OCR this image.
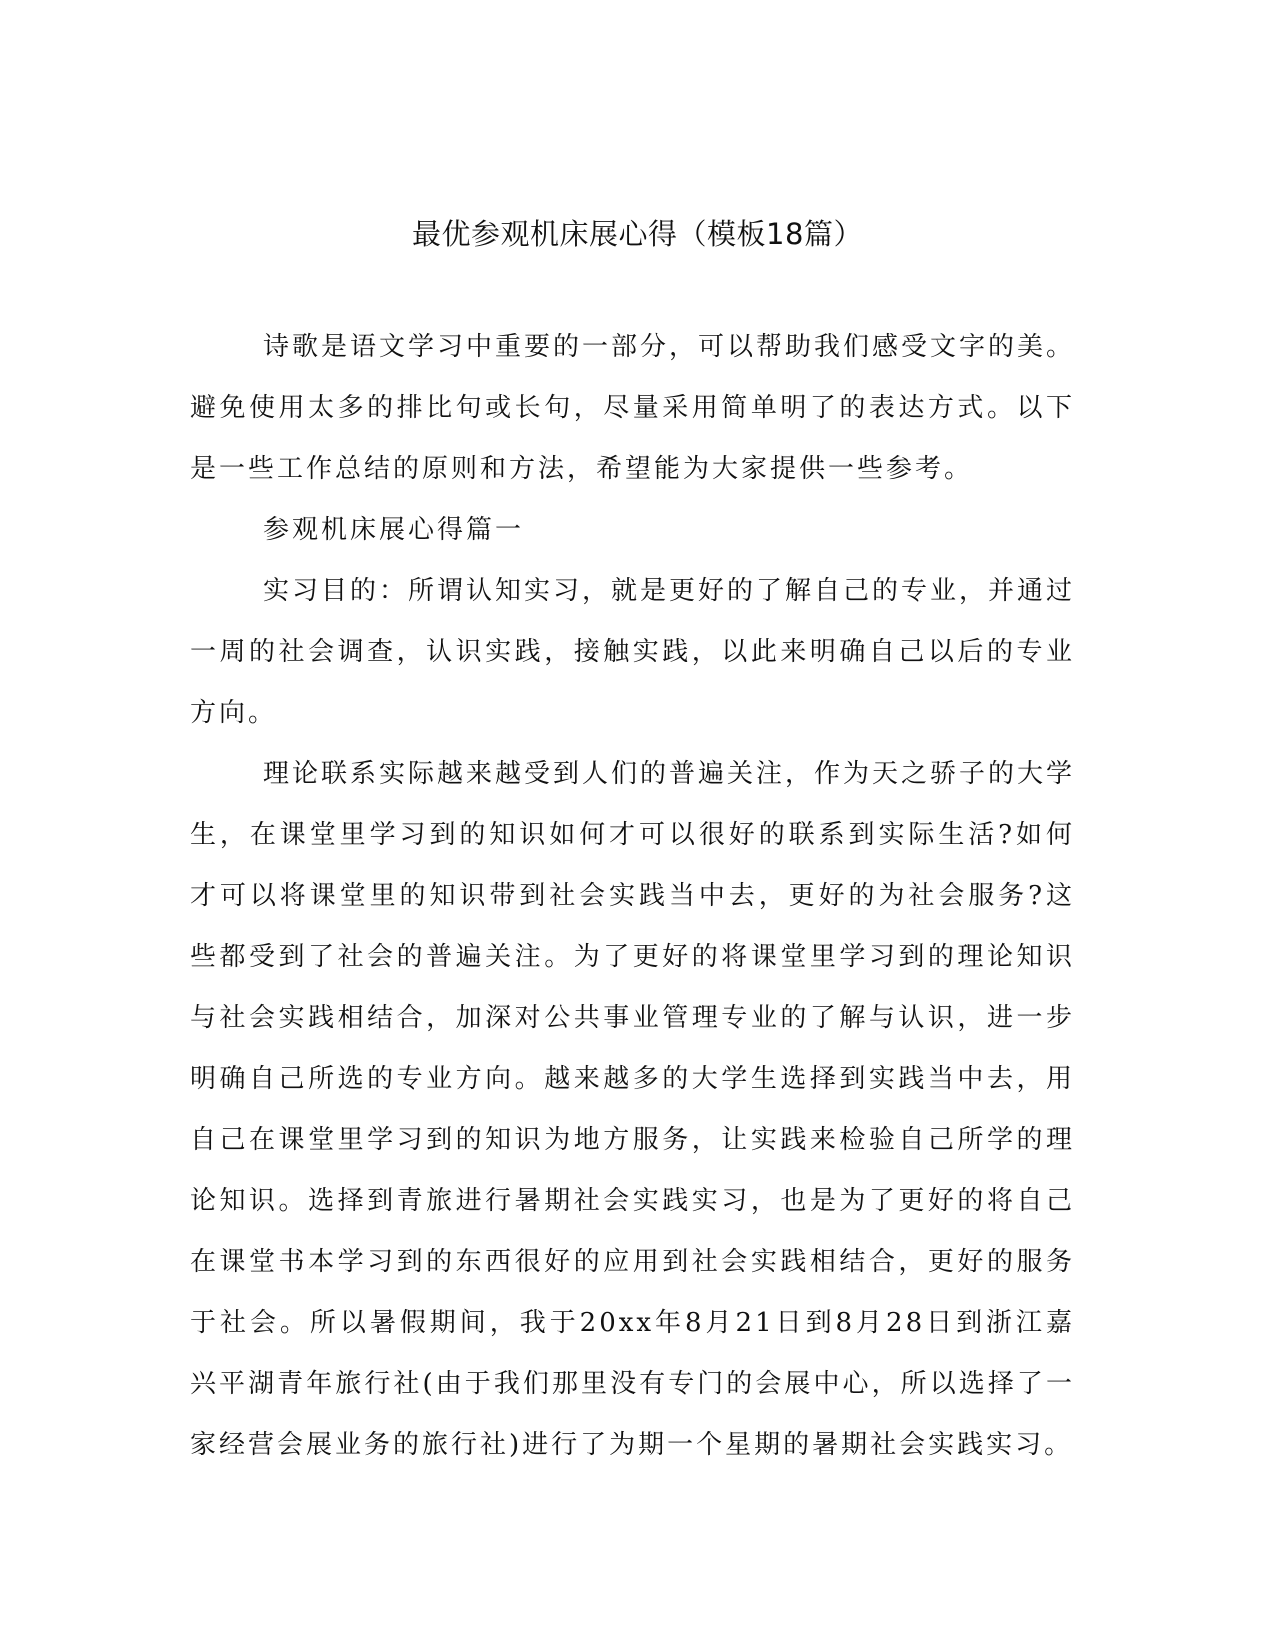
最优参观机床展心得（模板18篇）

诗歌是语文学习中重要的一部分，可以帮助我们感受文字的美。避免使用太多的排比句或长句，尽量采用简单明了的表达方式。以下是一些工作总结的原则和方法，希望能为大家提供一些参考。

参观机床展心得篇一

实习目的：所谓认知实习，就是更好的了解自己的专业，并通过一周的社会调查，认识实践，接触实践，以此来明确自己以后的专业方向。

理论联系实际越来越受到人们的普遍关注，作为天之骄子的大学生，在课堂里学习到的知识如何才可以很好的联系到实际生活?如何才可以将课堂里的知识带到社会实践当中去，更好的为社会服务?这些都受到了社会的普遍关注。为了更好的将课堂里学习到的理论知识与社会实践相结合，加深对公共事业管理专业的了解与认识，进一步明确自己所选的专业方向。越来越多的大学生选择到实践当中去，用自己在课堂里学习到的知识为地方服务，让实践来检验自己所学的理论知识。选择到青旅进行暑期社会实践实习，也是为了更好的将自己在课堂书本学习到的东西很好的应用到社会实践相结合，更好的服务于社会。所以暑假期间，我于20xx年8月21日到8月28日到浙江嘉兴平湖青年旅行社(由于我们那里没有专门的会展中心，所以选择了一家经营会展业务的旅行社)进行了为期一个星期的暑期社会实践实习。
